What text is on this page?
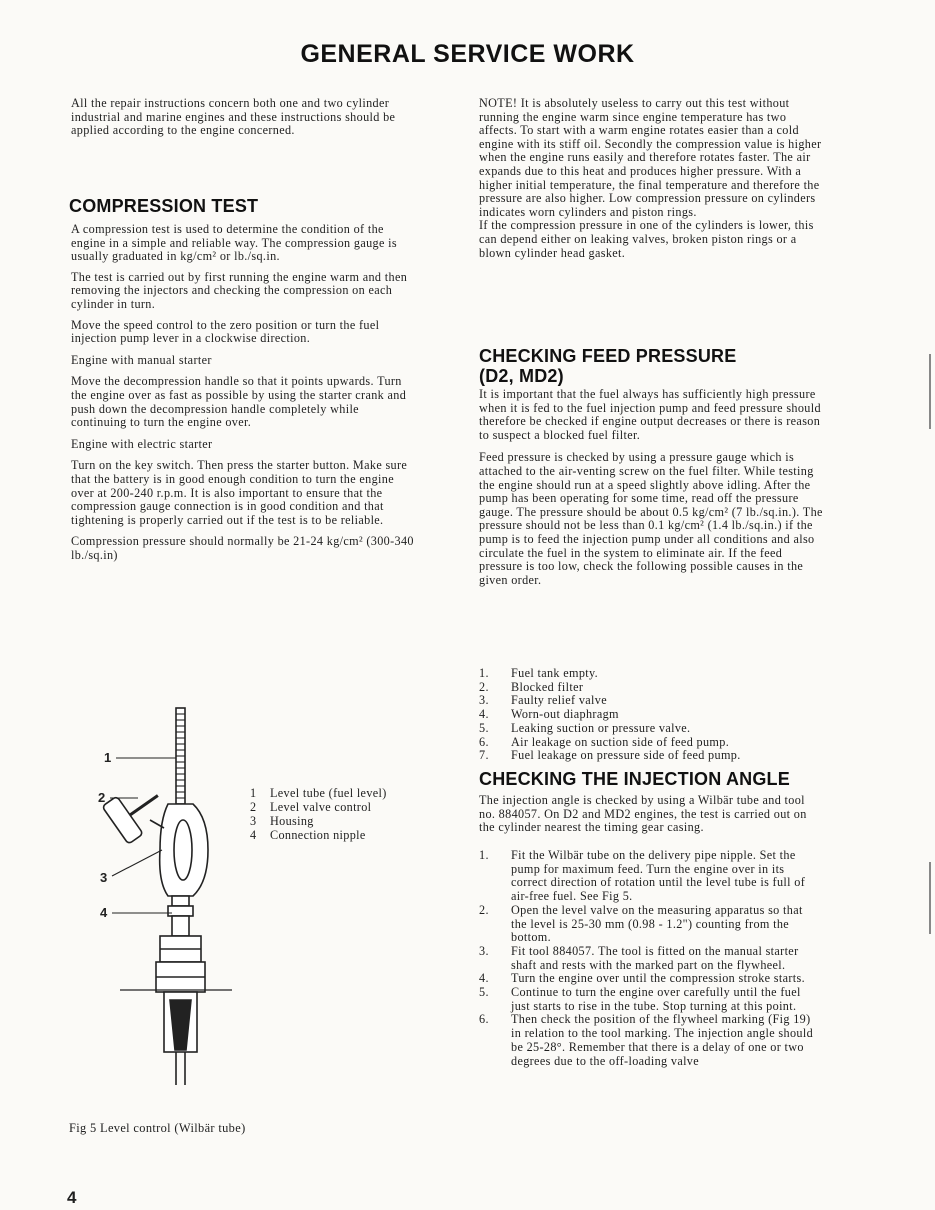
GENERAL SERVICE WORK
All the repair instructions concern both one and two cylinder industrial and marine engines and these instructions should be applied according to the engine concerned.
COMPRESSION TEST

A compression test is used to determine the condition of the engine in a simple and reliable way. The compression gauge is usually graduated in kg/cm² or lb./sq.in.

The test is carried out by first running the engine warm and then removing the injectors and checking the compression on each cylinder in turn.

Move the speed control to the zero position or turn the fuel injection pump lever in a clockwise direction.

Engine with manual starter

Move the decompression handle so that it points upwards. Turn the engine over as fast as possible by using the starter crank and push down the decompression handle completely while continuing to turn the engine over.

Engine with electric starter

Turn on the key switch. Then press the starter button. Make sure that the battery is in good enough condition to turn the engine over at 200-240 r.p.m. It is also important to ensure that the compression gauge connection is in good condition and that tightening is properly carried out if the test is to be reliable.

Compression pressure should normally be 21-24 kg/cm² (300-340 lb./sq.in)

1
2
3
4
1 Level tube (fuel level)
2 Level valve control
3 Housing
4 Connection nipple
Fig 5 Level control (Wilbär tube)

NOTE! It is absolutely useless to carry out this test without running the engine warm since engine temperature has two affects. To start with a warm engine rotates easier than a cold engine with its stiff oil. Secondly the compression value is higher when the engine runs easily and therefore rotates faster. The air expands due to this heat and produces higher pressure. With a higher initial temperature, the final temperature and therefore the pressure are also higher. Low compression pressure on cylinders indicates worn cylinders and piston rings.

If the compression pressure in one of the cylinders is lower, this can depend either on leaking valves, broken piston rings or a blown cylinder head gasket.

CHECKING FEED PRESSURE
(D2, MD2)

It is important that the fuel always has sufficiently high pressure when it is fed to the fuel injection pump and feed pressure should therefore be checked if engine output decreases or there is reason to suspect a blocked fuel filter.

Feed pressure is checked by using a pressure gauge which is attached to the air-venting screw on the fuel filter. While testing the engine should run at a speed slightly above idling. After the pump has been operating for some time, read off the pressure gauge. The pressure should be about 0.5 kg/cm² (7 lb./sq.in.). The pressure should not be less than 0.1 kg/cm² (1.4 lb./sq.in.) if the pump is to feed the injection pump under all conditions and also circulate the fuel in the system to eliminate air. If the feed pressure is too low, check the following possible causes in the given order.

1. Fuel tank empty.
2. Blocked filter
3. Faulty relief valve
4. Worn-out diaphragm
5. Leaking suction or pressure valve.
6. Air leakage on suction side of feed pump.
7. Fuel leakage on pressure side of feed pump.
CHECKING THE INJECTION ANGLE
The injection angle is checked by using a Wilbär tube and tool no. 884057. On D2 and MD2 engines, the test is carried out on the cylinder nearest the timing gear casing.
1. Fit the Wilbär tube on the delivery pipe nipple. Set the pump for maximum feed. Turn the engine over in its correct direction of rotation until the level tube is full of air-free fuel. See Fig 5.
2. Open the level valve on the measuring apparatus so that the level is 25-30 mm (0.98 - 1.2") counting from the bottom.
3. Fit tool 884057. The tool is fitted on the manual starter shaft and rests with the marked part on the flywheel.
4. Turn the engine over until the compression stroke starts.
5. Continue to turn the engine over carefully until the fuel just starts to rise in the tube. Stop turning at this point.
6. Then check the position of the flywheel marking (Fig 19) in relation to the tool marking. The injection angle should be 25-28°. Remember that there is a delay of one or two degrees due to the off-loading valve
4
